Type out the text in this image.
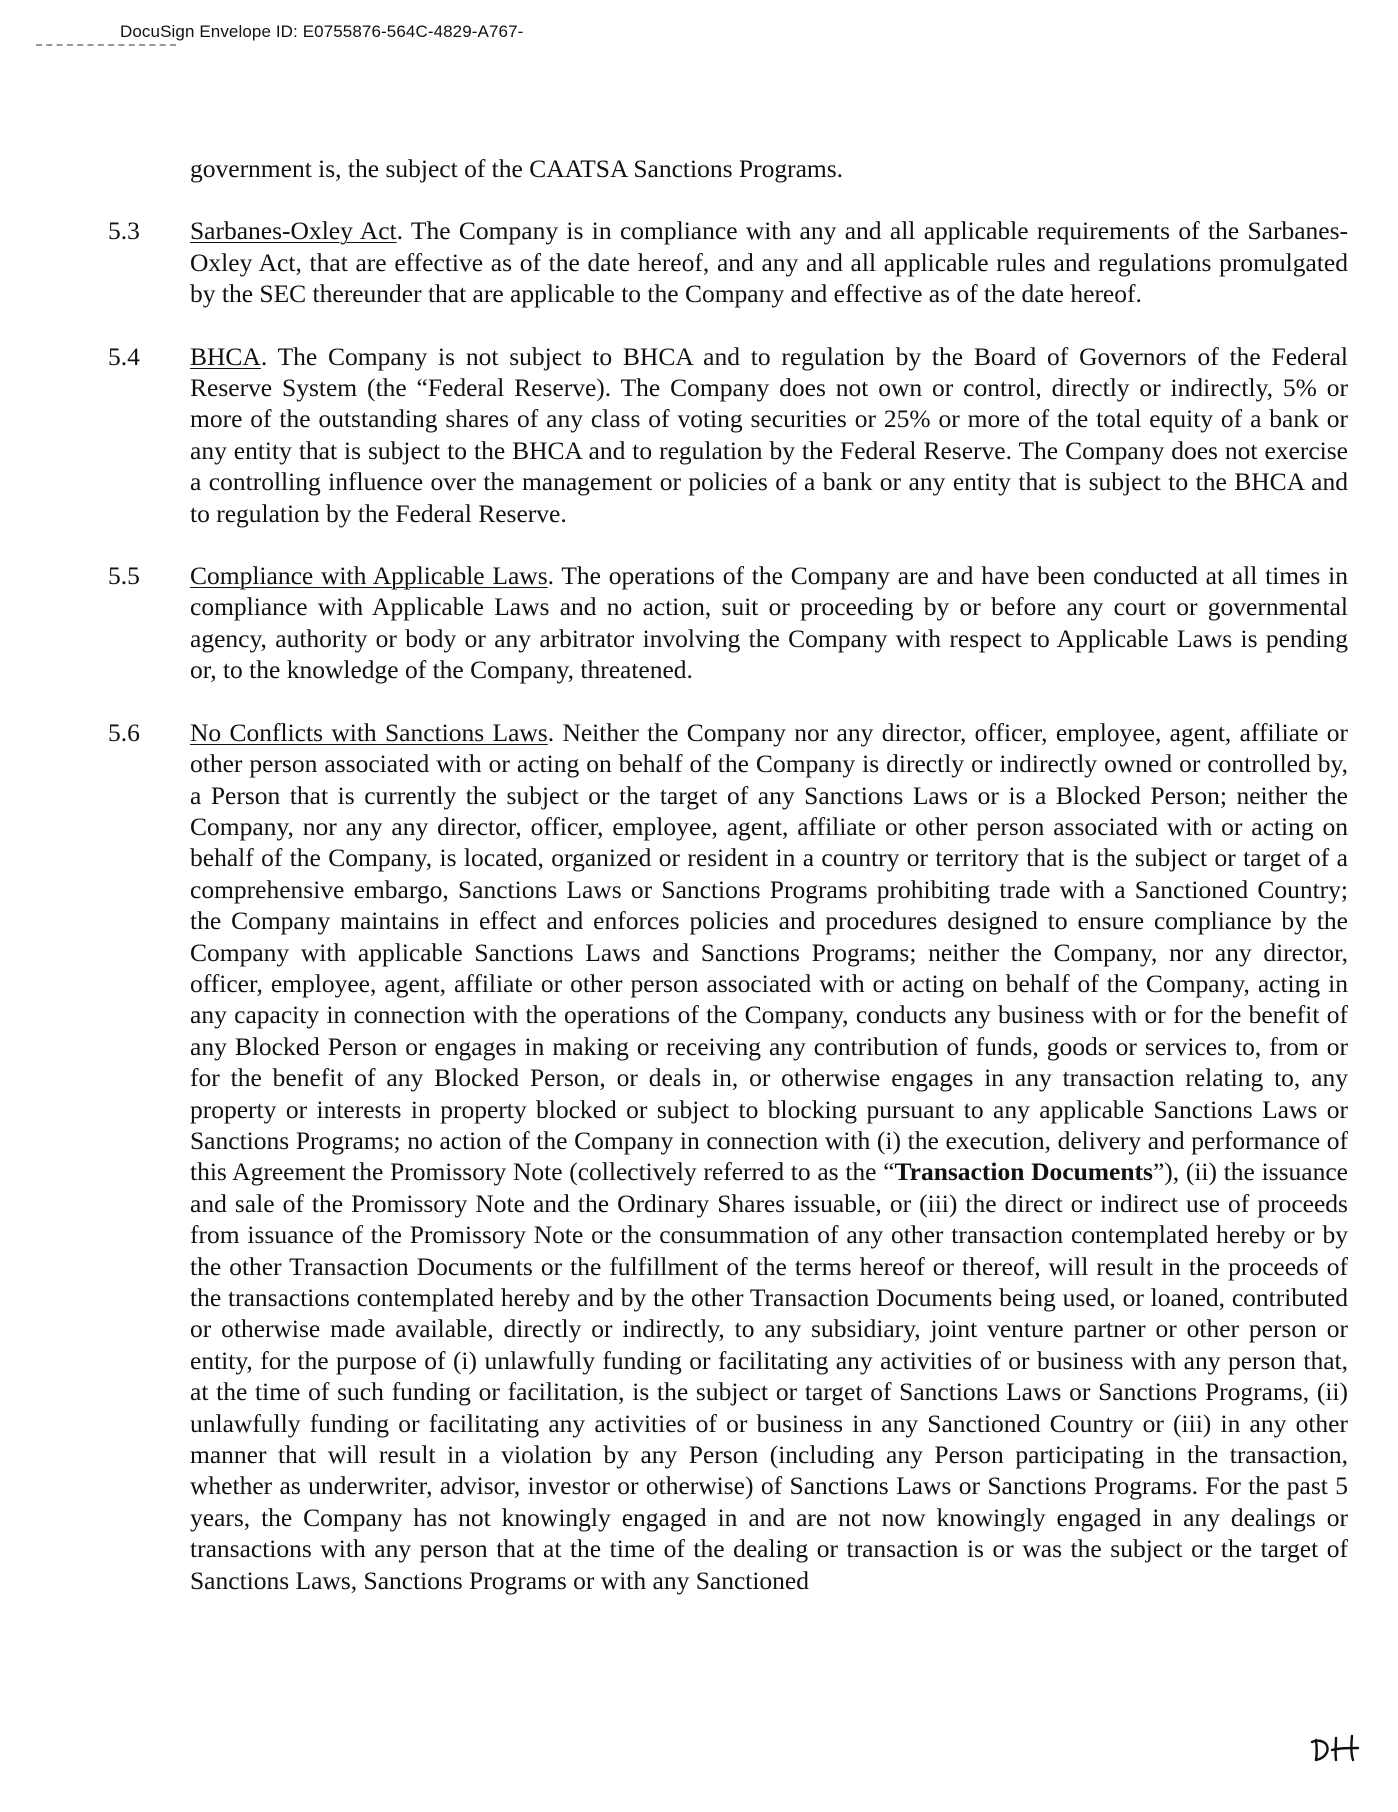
DocuSign Envelope ID: E0755876-564C-4829-A767-

government is, the subject of the CAATSA Sanctions Programs.

5.3	Sarbanes-Oxley Act. The Company is in compliance with any and all applicable requirements of the Sarbanes-Oxley Act, that are effective as of the date hereof, and any and all applicable rules and regulations promulgated by the SEC thereunder that are applicable to the Company and effective as of the date hereof.
5.4	BHCA. The Company is not subject to BHCA and to regulation by the Board of Governors of the Federal Reserve System (the “Federal Reserve). The Company does not own or control, directly or indirectly, 5% or more of the outstanding shares of any class of voting securities or 25% or more of the total equity of a bank or any entity that is subject to the BHCA and to regulation by the Federal Reserve. The Company does not exercise a controlling influence over the management or policies of a bank or any entity that is subject to the BHCA and to regulation by the Federal Reserve.
5.5	Compliance with Applicable Laws. The operations of the Company are and have been conducted at all times in compliance with Applicable Laws and no action, suit or proceeding by or before any court or governmental agency, authority or body or any arbitrator involving the Company with respect to Applicable Laws is pending or, to the knowledge of the Company, threatened.
5.6	No Conflicts with Sanctions Laws. Neither the Company nor any director, officer, employee, agent, affiliate or other person associated with or acting on behalf of the Company is directly or indirectly owned or controlled by, a Person that is currently the subject or the target of any Sanctions Laws or is a Blocked Person; neither the Company, nor any any director, officer, employee, agent, affiliate or other person associated with or acting on behalf of the Company, is located, organized or resident in a country or territory that is the subject or target of a comprehensive embargo, Sanctions Laws or Sanctions Programs prohibiting trade with a Sanctioned Country; the Company maintains in effect and enforces policies and procedures designed to ensure compliance by the Company with applicable Sanctions Laws and Sanctions Programs; neither the Company, nor any director, officer, employee, agent, affiliate or other person associated with or acting on behalf of the Company, acting in any capacity in connection with the operations of the Company, conducts any business with or for the benefit of any Blocked Person or engages in making or receiving any contribution of funds, goods or services to, from or for the benefit of any Blocked Person, or deals in, or otherwise engages in any transaction relating to, any property or interests in property blocked or subject to blocking pursuant to any applicable Sanctions Laws or Sanctions Programs; no action of the Company in connection with (i) the execution, delivery and performance of this Agreement the Promissory Note (collectively referred to as the “Transaction Documents”), (ii) the issuance and sale of the Promissory Note and the Ordinary Shares issuable, or (iii) the direct or indirect use of proceeds from issuance of the Promissory Note or the consummation of any other transaction contemplated hereby or by the other Transaction Documents or the fulfillment of the terms hereof or thereof, will result in the proceeds of the transactions contemplated hereby and by the other Transaction Documents being used, or loaned, contributed or otherwise made available, directly or indirectly, to any subsidiary, joint venture partner or other person or entity, for the purpose of (i) unlawfully funding or facilitating any activities of or business with any person that, at the time of such funding or facilitation, is the subject or target of Sanctions Laws or Sanctions Programs, (ii) unlawfully funding or facilitating any activities of or business in any Sanctioned Country or (iii) in any other manner that will result in a violation by any Person (including any Person participating in the transaction, whether as underwriter, advisor, investor or otherwise) of Sanctions Laws or Sanctions Programs. For the past 5 years, the Company has not knowingly engaged in and are not now knowingly engaged in any dealings or transactions with any person that at the time of the dealing or transaction is or was the subject or the target of Sanctions Laws, Sanctions Programs or with any Sanctioned
